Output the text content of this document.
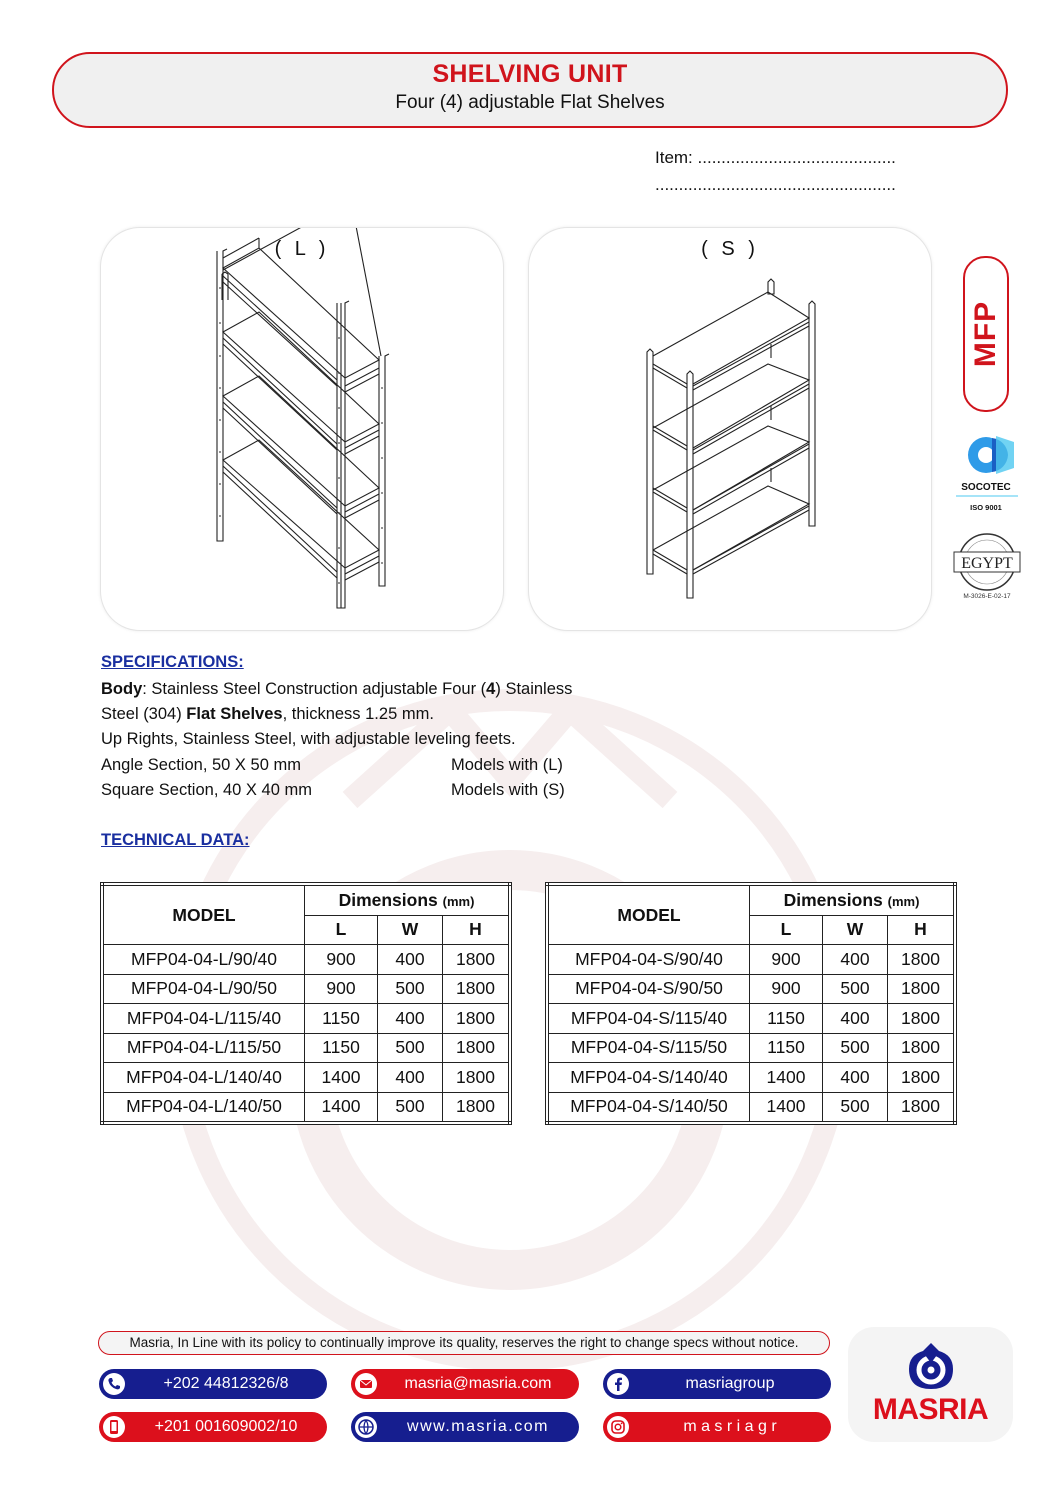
SHELVING UNIT
Four (4) adjustable Flat Shelves
Item: ..........................................
...................................................
( L )	( S )
MFP
SOCOTEC
ISO 9001
EGYPT
M-3026-E-02-17
SPECIFICATIONS:
Body: Stainless Steel Construction adjustable Four (4) Stainless
Steel (304) Flat Shelves, thickness 1.25 mm.
Up Rights, Stainless Steel, with adjustable leveling feets.
Angle Section, 50 X 50 mm	Models with (L)
Square Section, 40 X 40 mm	Models with (S)
TECHNICAL DATA:
MODEL	Dimensions (mm)		
	L	W	H
MFP04-04-L/90/40	900	400	1800
MFP04-04-L/90/50	900	500	1800
MFP04-04-L/115/40	1150	400	1800
MFP04-04-L/115/50	1150	500	1800
MFP04-04-L/140/40	1400	400	1800
MFP04-04-L/140/50	1400	500	1800
MODEL	Dimensions (mm)		
	L	W	H
MFP04-04-S/90/40	900	400	1800
MFP04-04-S/90/50	900	500	1800
MFP04-04-S/115/40	1150	400	1800
MFP04-04-S/115/50	1150	500	1800
MFP04-04-S/140/40	1400	400	1800
MFP04-04-S/140/50	1400	500	1800
Masria, In Line with its policy to continually improve its quality, reserves the right to change specs without notice.
+202 44812326/8
+201 001609002/10
masria@masria.com
www.masria.com
masriagroup
m a s r i a g r
MASRIA
